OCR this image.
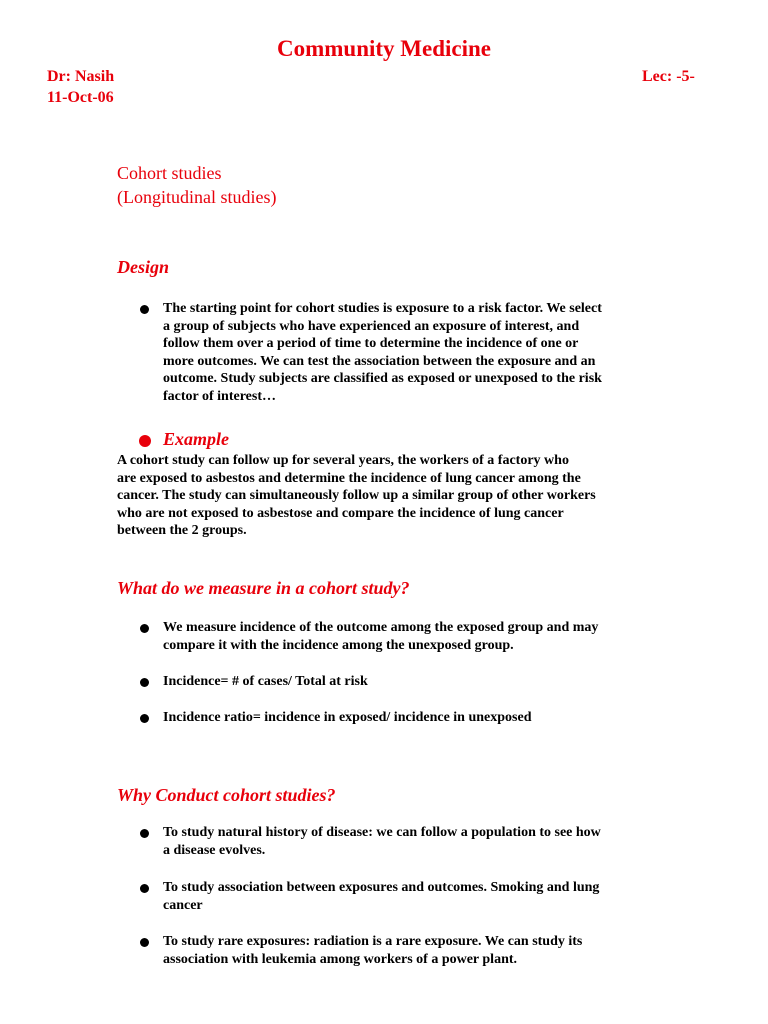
Community Medicine
Dr: Nasih
11-Oct-06
Lec: -5-
Cohort studies
(Longitudinal studies)
Design
The starting point for cohort studies is exposure to a risk factor. We select
a group of subjects who have experienced an exposure of interest, and
follow them over a period of time to determine the incidence of one or
more outcomes. We can test the association between the exposure and an
outcome. Study subjects are classified as exposed or unexposed to the risk
factor of interest…
Example
A cohort study can follow up for several years, the workers of a factory who
are exposed to asbestos and determine the incidence of lung cancer among the
cancer. The study can simultaneously follow up a similar group of other workers
who are not exposed to asbestose and compare the incidence of lung cancer
between the 2 groups.
What do we measure in a cohort study?
We measure incidence of the outcome among the exposed group and may
compare it with the incidence among the unexposed group.
Incidence= # of cases/ Total at risk
Incidence ratio= incidence in exposed/ incidence in unexposed
Why Conduct cohort studies?
To study natural history of disease: we can follow a population to see how
a disease evolves.
To study association between exposures and outcomes. Smoking and lung
cancer
To study rare exposures: radiation is a rare exposure. We can study its
association with leukemia among workers of a power plant.
